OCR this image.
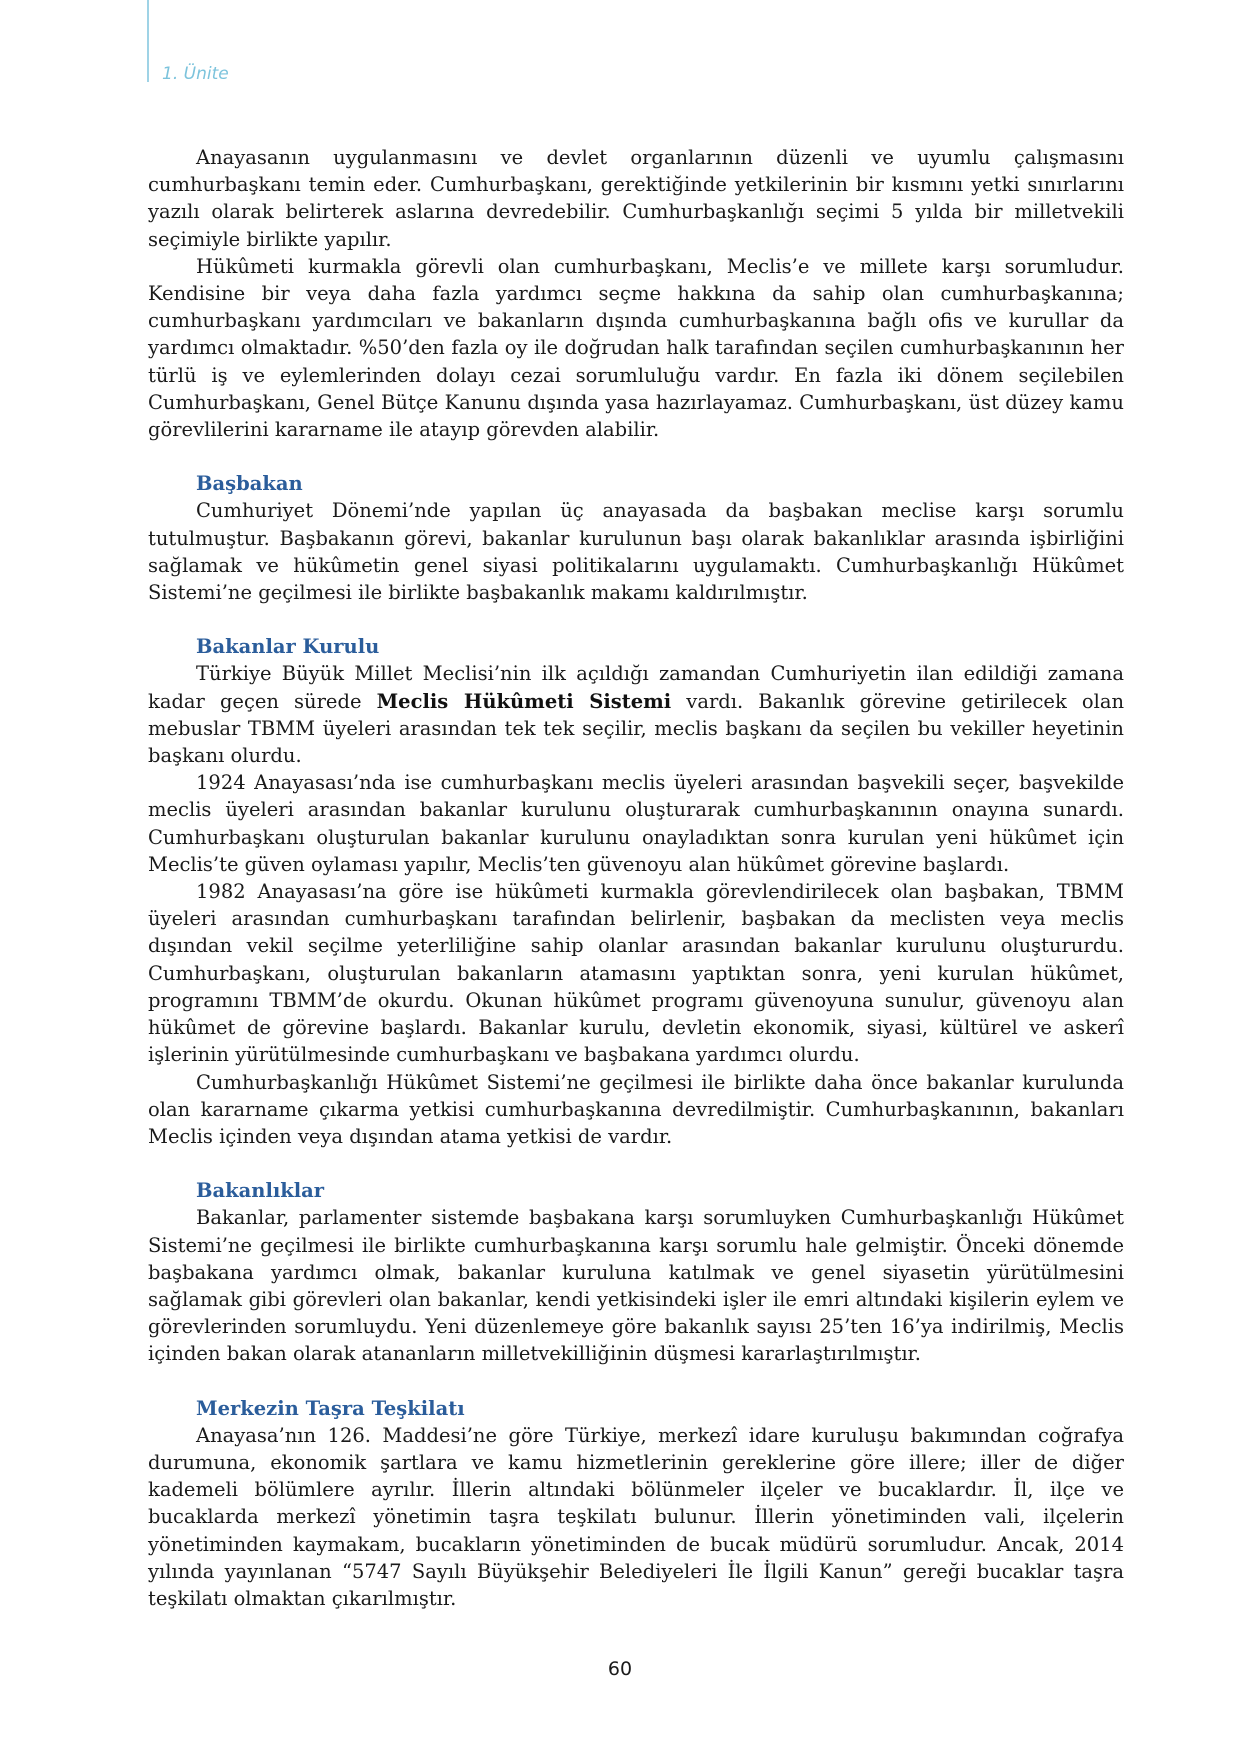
1. Ünite

Anayasanın uygulanmasını ve devlet organlarının düzenli ve uyumlu çalışmasını cumhurbaşkanı temin eder. Cumhurbaşkanı, gerektiğinde yetkilerinin bir kısmını yetki sınırlarını yazılı olarak belirterek aslarına devredebilir. Cumhurbaşkanlığı seçimi 5 yılda bir milletvekili seçimiyle birlikte yapılır.

Hükûmeti kurmakla görevli olan cumhurbaşkanı, Meclis’e ve millete karşı sorumludur. Kendisine bir veya daha fazla yardımcı seçme hakkına da sahip olan cumhurbaşkanına; cumhurbaşkanı yardımcıları ve bakanların dışında cumhurbaşkanına bağlı ofis ve kurullar da yardımcı olmaktadır. %50’den fazla oy ile doğrudan halk tarafından seçilen cumhurbaşkanının her türlü iş ve eylemlerinden dolayı cezai sorumluluğu vardır. En fazla iki dönem seçilebilen Cumhurbaşkanı, Genel Bütçe Kanunu dışında yasa hazırlayamaz. Cumhurbaşkanı, üst düzey kamu görevlilerini kararname ile atayıp görevden alabilir.

Başbakan

Cumhuriyet Dönemi’nde yapılan üç anayasada da başbakan meclise karşı sorumlu tutulmuştur. Başbakanın görevi, bakanlar kurulunun başı olarak bakanlıklar arasında işbirliğini sağlamak ve hükûmetin genel siyasi politikalarını uygulamaktı. Cumhurbaşkanlığı Hükûmet Sistemi’ne geçilmesi ile birlikte başbakanlık makamı kaldırılmıştır.

Bakanlar Kurulu

Türkiye Büyük Millet Meclisi’nin ilk açıldığı zamandan Cumhuriyetin ilan edildiği zamana kadar geçen sürede Meclis Hükûmeti Sistemi vardı. Bakanlık görevine getirilecek olan mebuslar TBMM üyeleri arasından tek tek seçilir, meclis başkanı da seçilen bu vekiller heyetinin başkanı olurdu.

1924 Anayasası’nda ise cumhurbaşkanı meclis üyeleri arasından başvekili seçer, başvekilde meclis üyeleri arasından bakanlar kurulunu oluşturarak cumhurbaşkanının onayına sunardı. Cumhurbaşkanı oluşturulan bakanlar kurulunu onayladıktan sonra kurulan yeni hükûmet için Meclis’te güven oylaması yapılır, Meclis’ten güvenoyu alan hükûmet görevine başlardı.

1982 Anayasası’na göre ise hükûmeti kurmakla görevlendirilecek olan başbakan, TBMM üyeleri arasından cumhurbaşkanı tarafından belirlenir, başbakan da meclisten veya meclis dışından vekil seçilme yeterliliğine sahip olanlar arasından bakanlar kurulunu oluştururdu. Cumhurbaşkanı, oluşturulan bakanların atamasını yaptıktan sonra, yeni kurulan hükûmet, programını TBMM’de okurdu. Okunan hükûmet programı güvenoyuna sunulur, güvenoyu alan hükûmet de görevine başlardı. Bakanlar kurulu, devletin ekonomik, siyasi, kültürel ve askerî işlerinin yürütülmesinde cumhurbaşkanı ve başbakana yardımcı olurdu.

Cumhurbaşkanlığı Hükûmet Sistemi’ne geçilmesi ile birlikte daha önce bakanlar kurulunda olan kararname çıkarma yetkisi cumhurbaşkanına devredilmiştir. Cumhurbaşkanının, bakanları Meclis içinden veya dışından atama yetkisi de vardır.

Bakanlıklar

Bakanlar, parlamenter sistemde başbakana karşı sorumluyken Cumhurbaşkanlığı Hükûmet Sistemi’ne geçilmesi ile birlikte cumhurbaşkanına karşı sorumlu hale gelmiştir. Önceki dönemde başbakana yardımcı olmak, bakanlar kuruluna katılmak ve genel siyasetin yürütülmesini sağlamak gibi görevleri olan bakanlar, kendi yetkisindeki işler ile emri altındaki kişilerin eylem ve görevlerinden sorumluydu. Yeni düzenlemeye göre bakanlık sayısı 25’ten 16’ya indirilmiş, Meclis içinden bakan olarak atananların milletvekilliğinin düşmesi kararlaştırılmıştır.

Merkezin Taşra Teşkilatı

Anayasa’nın 126. Maddesi’ne göre Türkiye, merkezî idare kuruluşu bakımından coğrafya durumuna, ekonomik şartlara ve kamu hizmetlerinin gereklerine göre illere; iller de diğer kademeli bölümlere ayrılır. İllerin altındaki bölünmeler ilçeler ve bucaklardır. İl, ilçe ve bucaklarda merkezî yönetimin taşra teşkilatı bulunur. İllerin yönetiminden vali, ilçelerin yönetiminden kaymakam, bucakların yönetiminden de bucak müdürü sorumludur. Ancak, 2014 yılında yayınlanan “5747 Sayılı Büyükşehir Belediyeleri İle İlgili Kanun” gereği bucaklar taşra teşkilatı olmaktan çıkarılmıştır.

60
